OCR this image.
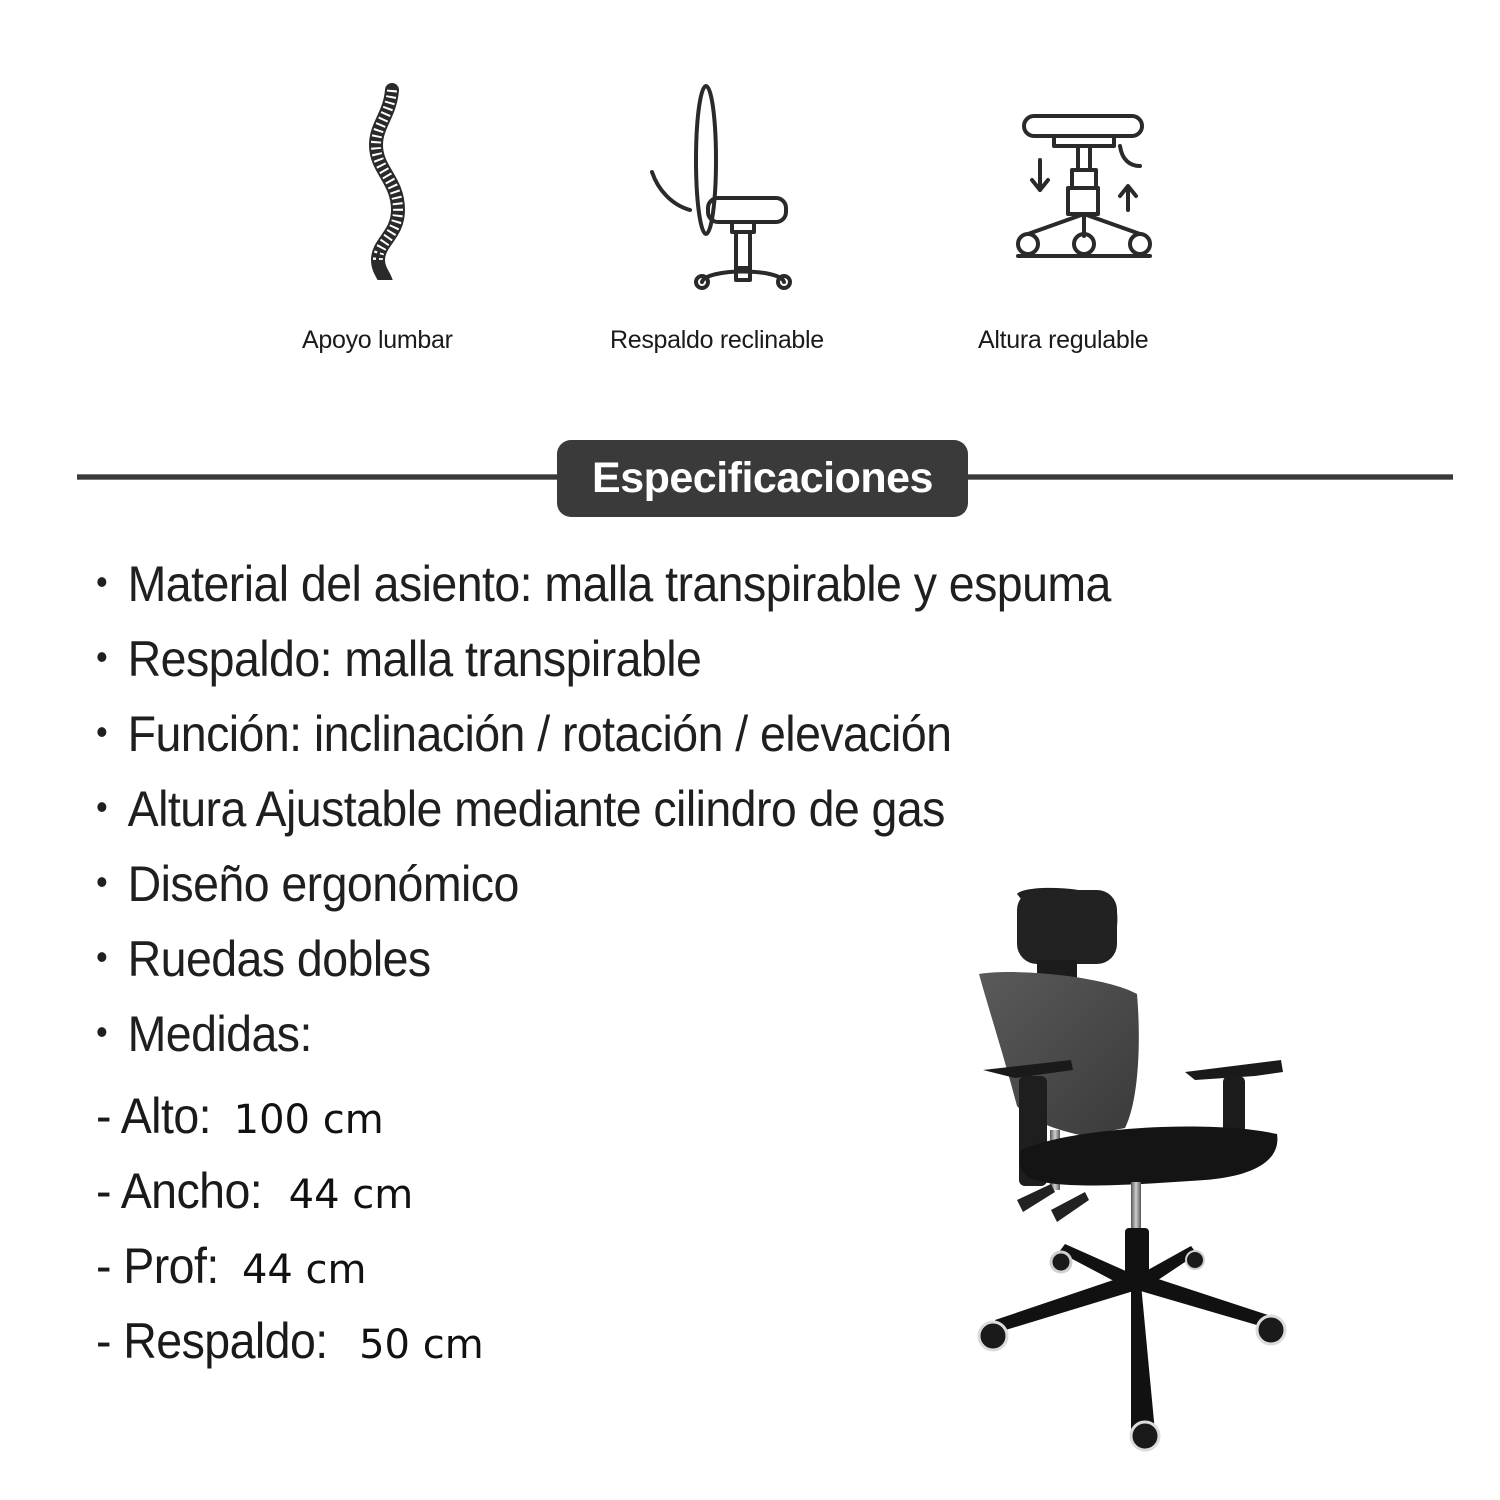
Apoyo lumbar	Respaldo reclinable	Altura regulable
Especificaciones
• Material del asiento: malla transpirable y espuma
• Respaldo: malla transpirable
• Función: inclinación / rotación / elevación
• Altura Ajustable mediante cilindro de gas
• Diseño ergonómico
• Ruedas dobles
• Medidas:
- Alto: 100 cm
- Ancho: 44 cm
- Prof: 44 cm
- Respaldo: 50 cm
